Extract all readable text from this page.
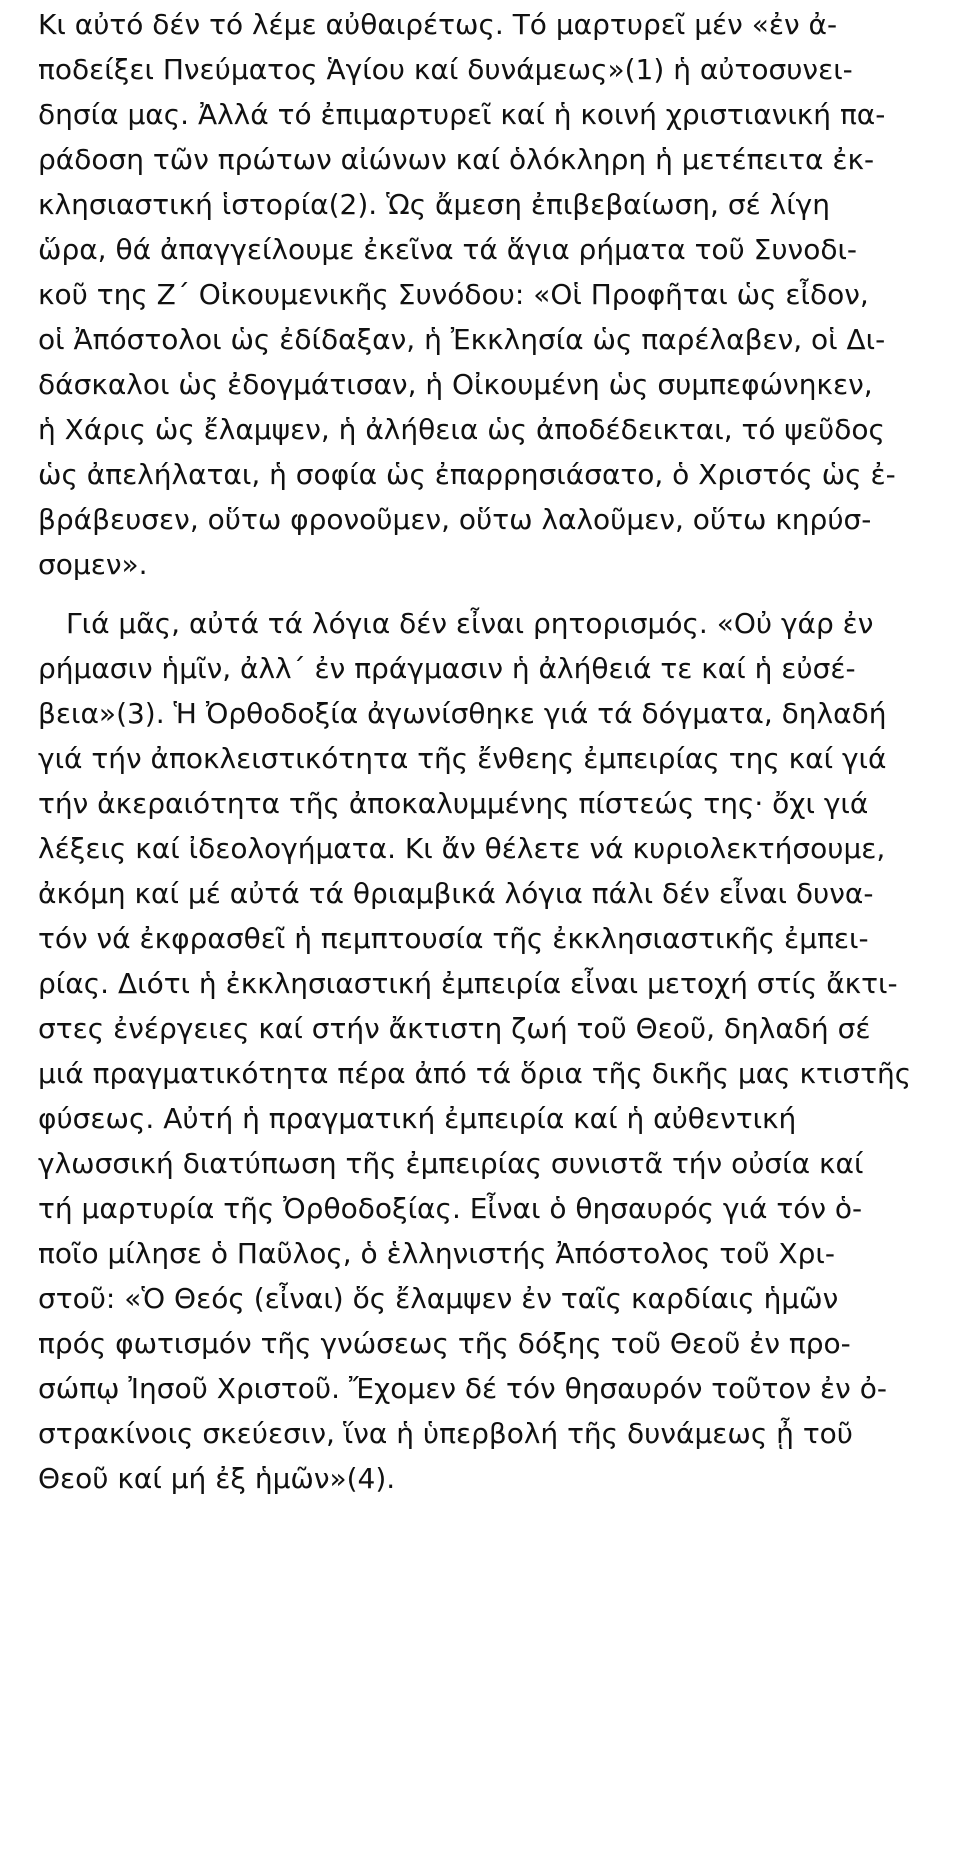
Κι αὐτό δέν τό λέμε αὐθαιρέτως. Τό μαρτυρεῖ μέν «ἐν ἀ-

ποδείξει Πνεύματος Ἁγίου καί δυνάμεως»(1) ἡ αὐτοσυνει-

δησία μας. Ἀλλά τό ἐπιμαρτυρεῖ καί ἡ κοινή χριστιανική πα-

ράδοση τῶν πρώτων αἰώνων καί ὁλόκληρη ἡ μετέπειτα ἐκ-

κλησιαστική ἱστορία(2). Ὡς ἄμεση ἐπιβεβαίωση, σέ λίγη

ὥρα, θά ἀπαγγείλουμε ἐκεῖνα τά ἅγια ρήματα τοῦ Συνοδι-

κοῦ της Ζ΄ Οἰκουμενικῆς Συνόδου: «Οἱ Προφῆται ὡς εἶδον,

οἱ Ἀπόστολοι ὡς ἐδίδαξαν, ἡ Ἐκκλησία ὡς παρέλαβεν, οἱ Δι-

δάσκαλοι ὡς ἐδογμάτισαν, ἡ Οἰκουμένη ὡς συμπεφώνηκεν,

ἡ Χάρις ὡς ἔλαμψεν, ἡ ἀλήθεια ὡς ἀποδέδεικται, τό ψεῦδος

ὡς ἀπελήλαται, ἡ σοφία ὡς ἐπαρρησιάσατο, ὁ Χριστός ὡς ἐ-

βράβευσεν, οὕτω φρονοῦμεν, οὕτω λαλοῦμεν, οὕτω κηρύσ-

σομεν».

Γιά μᾶς, αὐτά τά λόγια δέν εἶναι ρητορισμός. «Οὐ γάρ ἐν

ρήμασιν ἡμῖν, ἀλλ΄ ἐν πράγμασιν ἡ ἀλήθειά τε καί ἡ εὐσέ-

βεια»(3). Ἡ Ὀρθοδοξία ἀγωνίσθηκε γιά τά δόγματα, δηλαδή

γιά τήν ἀποκλειστικότητα τῆς ἔνθεης ἐμπειρίας της καί γιά

τήν ἀκεραιότητα τῆς ἀποκαλυμμένης πίστεώς της· ὄχι γιά

λέξεις καί ἰδεολογήματα. Κι ἄν θέλετε νά κυριολεκτήσουμε,

ἀκόμη καί μέ αὐτά τά θριαμβικά λόγια πάλι δέν εἶναι δυνα-

τόν νά ἐκφρασθεῖ ἡ πεμπτουσία τῆς ἐκκλησιαστικῆς ἐμπει-

ρίας. Διότι ἡ ἐκκλησιαστική ἐμπειρία εἶναι μετοχή στίς ἄκτι-

στες ἐνέργειες καί στήν ἄκτιστη ζωή τοῦ Θεοῦ, δηλαδή σέ

μιά πραγματικότητα πέρα ἀπό τά ὅρια τῆς δικῆς μας κτιστῆς

φύσεως. Αὐτή ἡ πραγματική ἐμπειρία καί ἡ αὐθεντική

γλωσσική διατύπωση τῆς ἐμπειρίας συνιστᾶ τήν οὐσία καί

τή μαρτυρία τῆς Ὀρθοδοξίας. Εἶναι ὁ θησαυρός γιά τόν ὁ-

ποῖο μίλησε ὁ Παῦλος, ὁ ἑλληνιστής Ἀπόστολος τοῦ Χρι-

στοῦ: «Ὁ Θεός (εἶναι) ὅς ἔλαμψεν ἐν ταῖς καρδίαις ἡμῶν

πρός φωτισμόν τῆς γνώσεως τῆς δόξης τοῦ Θεοῦ ἐν προ-

σώπῳ Ἰησοῦ Χριστοῦ. Ἔχομεν δέ τόν θησαυρόν τοῦτον ἐν ὀ-

στρακίνοις σκεύεσιν, ἵνα ἡ ὑπερβολή τῆς δυνάμεως ᾖ τοῦ

Θεοῦ καί μή ἐξ ἡμῶν»(4).
